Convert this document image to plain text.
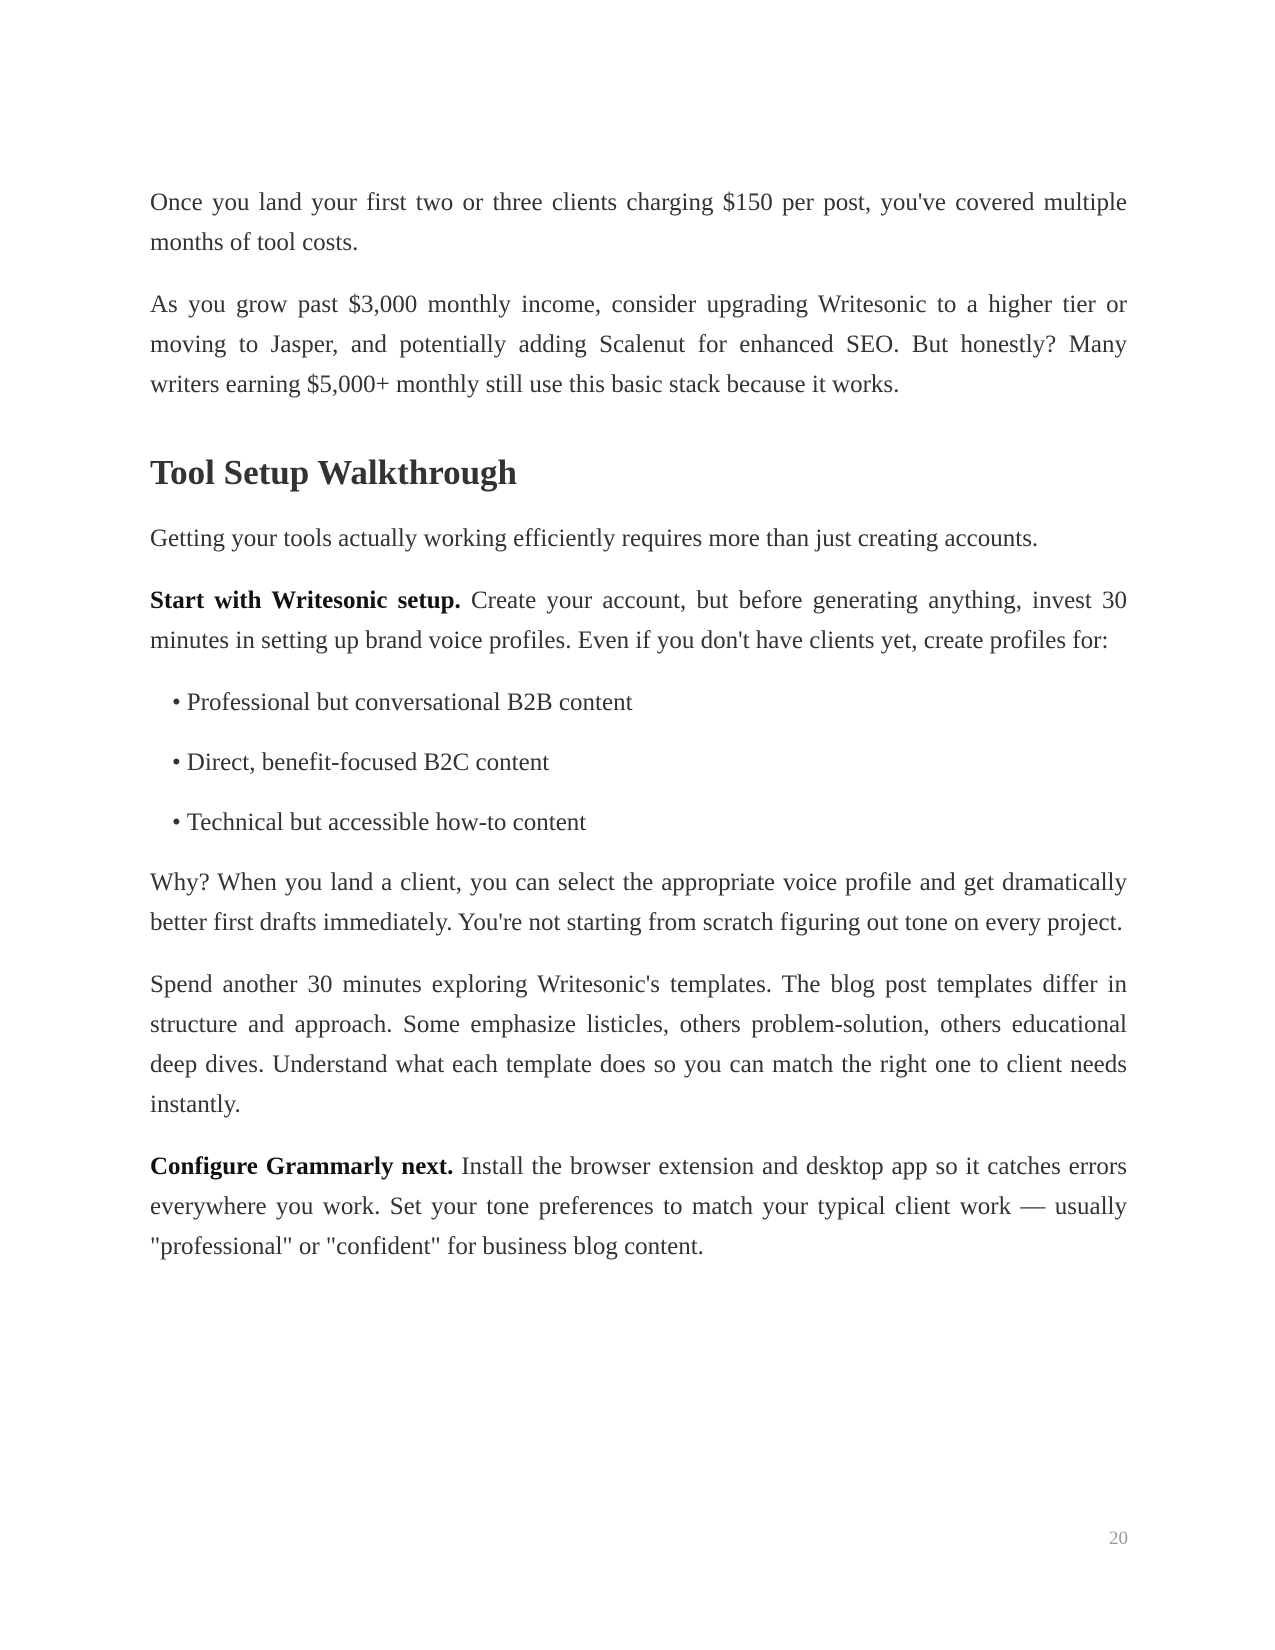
Once you land your first two or three clients charging $150 per post, you've covered multiple months of tool costs.

As you grow past $3,000 monthly income, consider upgrading Writesonic to a higher tier or moving to Jasper, and potentially adding Scalenut for enhanced SEO. But honestly? Many writers earning $5,000+ monthly still use this basic stack because it works.

Tool Setup Walkthrough

Getting your tools actually working efficiently requires more than just creating accounts.

Start with Writesonic setup. Create your account, but before generating anything, invest 30 minutes in setting up brand voice profiles. Even if you don't have clients yet, create profiles for:

• Professional but conversational B2B content
• Direct, benefit-focused B2C content
• Technical but accessible how-to content

Why? When you land a client, you can select the appropriate voice profile and get dramatically better first drafts immediately. You're not starting from scratch figuring out tone on every project.

Spend another 30 minutes exploring Writesonic's templates. The blog post templates differ in structure and approach. Some emphasize listicles, others problem-solution, others educational deep dives. Understand what each template does so you can match the right one to client needs instantly.

Configure Grammarly next. Install the browser extension and desktop app so it catches errors everywhere you work. Set your tone preferences to match your typical client work — usually "professional" or "confident" for business blog content.

20
